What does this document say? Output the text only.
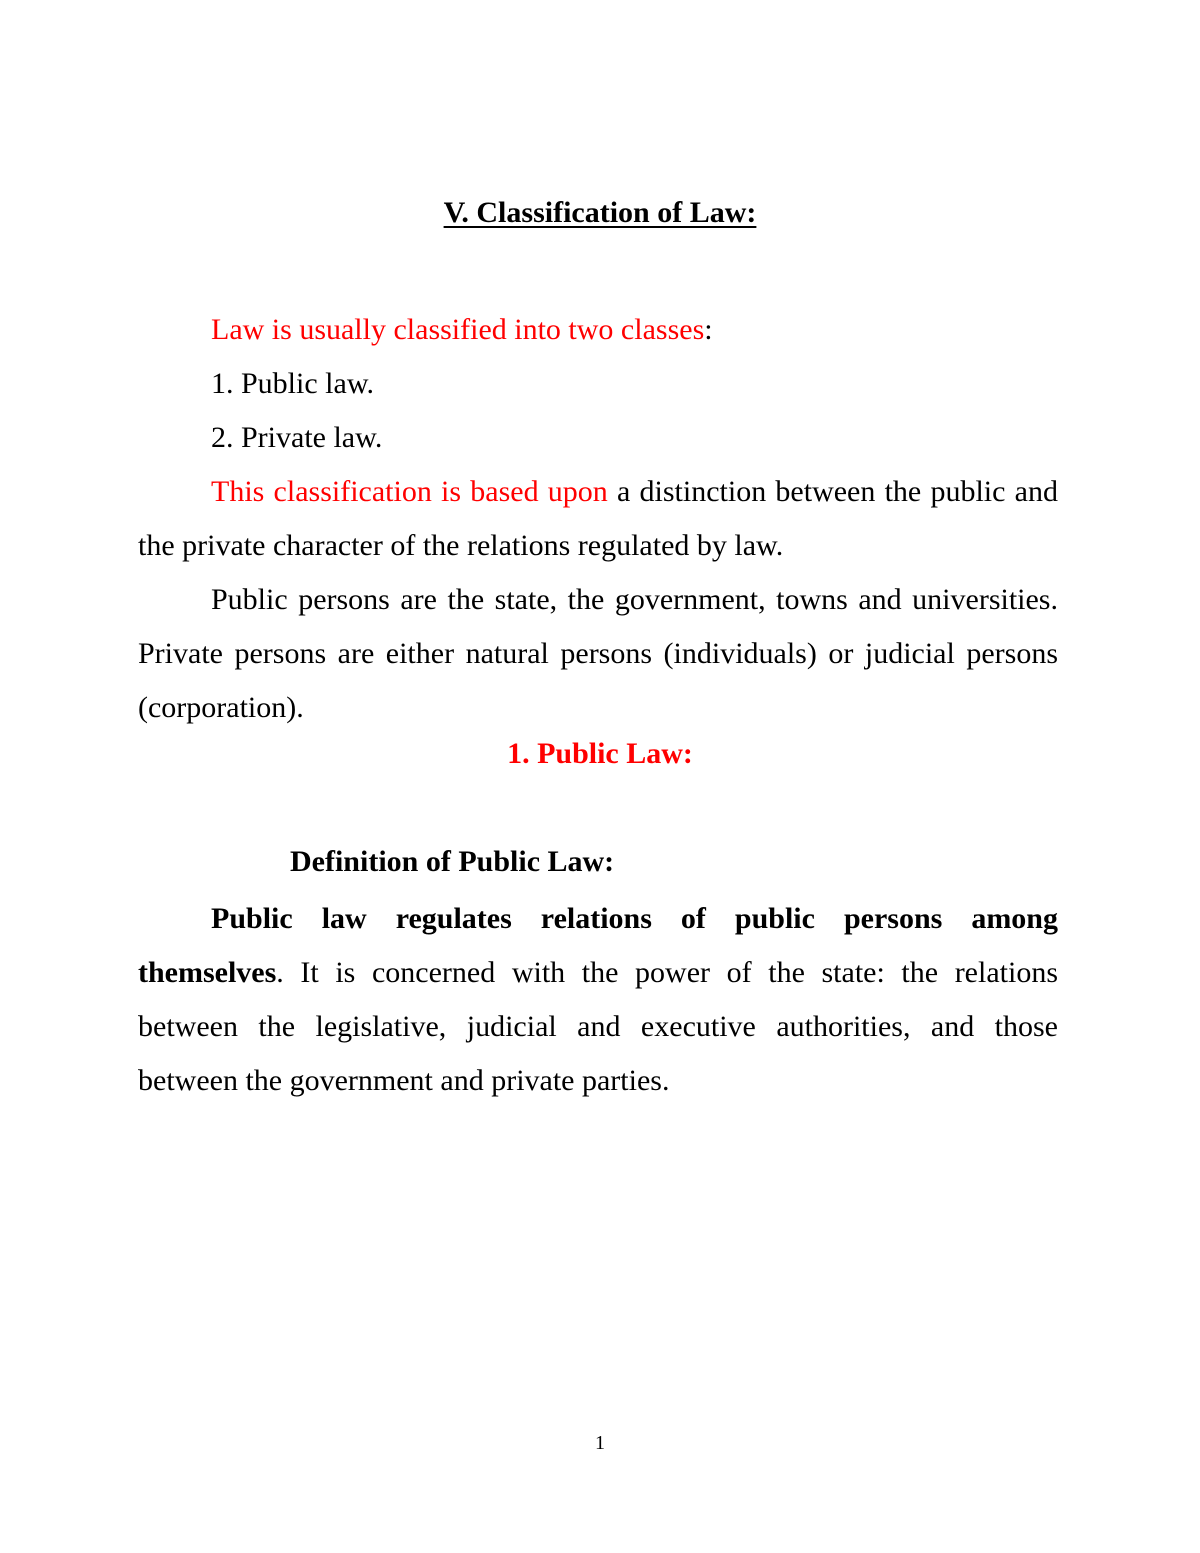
V. Classification of Law:

Law is usually classified into two classes:

1. Public law.

2. Private law.

This classification is based upon a distinction between the public and the private character of the relations regulated by law.

Public persons are the state, the government, towns and universities. Private persons are either natural persons (individuals) or judicial persons (corporation).

1. Public Law:
Definition of Public Law:

Public law regulates relations of public persons among themselves. It is concerned with the power of the state: the relations between the legislative, judicial and executive authorities, and those between the government and private parties.

1
